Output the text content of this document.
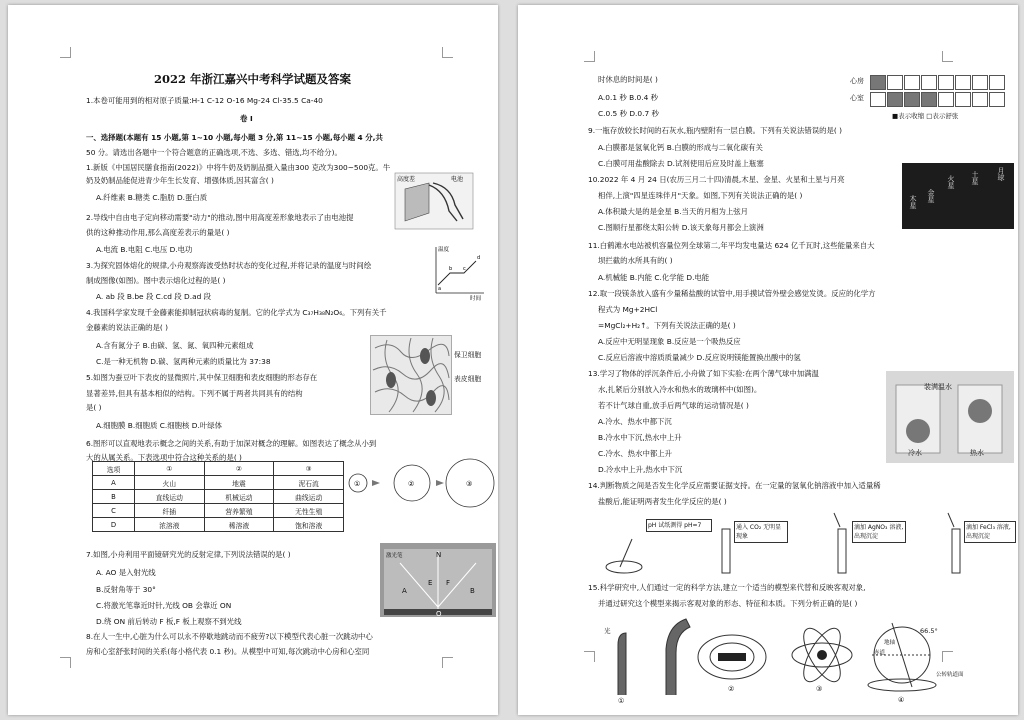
2022 年浙江嘉兴中考科学试题及答案
1.本卷可能用到的相对原子质量:H-1 C-12 O-16 Mg-24 Cl-35.5 Ca-40
卷 Ⅰ
一、选择题(本题有 15 小题,第 1~10 小题,每小题 3 分,第 11~15 小题,每小题 4 分,共
50 分。请选出各题中一个符合题意的正确选项,不选、多选、错选,均不给分)。
1.新版《中国居民膳食指南(2022)》中将牛奶及奶制品摄入量由300 克改为300~500克。牛
奶及奶制品能促进青少年生长发育、增强体质,因其富含( )
A.纤维素 B.糖类 C.脂肪 D.蛋白质
2.导线中自由电子定向移动需要"动力"的推动,图中用高度差形象地表示了由电池提
供的这种推动作用,那么高度差表示的量是( )
A.电流 B.电阻 C.电压 D.电功
3.为探究固体熔化的规律,小舟观察海波受热时状态的变化过程,并将记录的温度与时间绘
制成图像(如图)。图中表示熔化过程的是( )
A. ab 段 B.be 段 C.cd 段 D.ad 段
4.我国科学家发现千金藤素能抑制冠状病毒的复制。它的化学式为 C₃₇H₃₈N₂O₆。下列有关千
金藤素的说法正确的是( )
A.含有氮分子 B.由碳、氢、氮、氧四种元素组成
C.是一种无机物 D.碳、氢两种元素的质量比为 37:38
5.如图为蚕豆叶下表皮的显微照片,其中保卫细胞和表皮细胞的形态存在
显著差异,但具有基本相似的结构。下列不属于两者共同具有的结构
是( )
A.细胞膜 B.细胞质 C.细胞核 D.叶绿体
6.图形可以直观地表示概念之间的关系,有助于加深对概念的理解。如图表达了概念从小到
大的从属关系。下表选项中符合这种关系的是( )
7.如图,小舟利用平面镜研究光的反射定律,下列说法错误的是( )
A. AO 是入射光线
B.反射角等于 30°
C.将激光笔靠近时针,光线 OB 会靠近 ON
D.绕 ON 前后转动 F 板,F 板上观察不到光线
8.在人一生中,心脏为什么可以永不停歇地跳动而不疲劳?以下模型代表心脏一次跳动中心
房和心室舒张时间的关系(每小格代表 0.1 秒)。从模型中可知,每次跳动中心房和心室同
高度差	电池
温度
时间
a
b c
d
保卫细胞
表皮细胞
选项	①	②	③
A	火山	地震	泥石流
B	直线运动	机械运动	曲线运动
C	纤插	营养繁殖	无性生殖
D	浓溶液	稀溶液	饱和溶液
①	②	③
激光笔	N
A	B
E F
O
时休息的时间是( )
A.0.1 秒 B.0.4 秒
C.0.5 秒 D.0.7 秒
9.一瓶存放较长时间的石灰水,瓶内壁附有一层白膜。下列有关说法错误的是( )
A.白膜都是氢氧化钙 B.白膜的形成与二氧化碳有关
C.白膜可用盐酸除去 D.试剂使用后应及时盖上瓶塞
10.2022 年 4 月 24 日(农历三月二十四)清晨,木星、金星、火星和土星与月亮
相伴,上演"四星连珠伴月"天象。如图,下列有关说法正确的是( )
A.体积最大是的是金星 B.当天的月相为上弦月
C.图顺行星都绕太阳公转 D.该天象每月都会上演洲
11.白鹤滩水电站被机容量位列全球第二,年平均发电量达 624 亿千瓦时,这些能量来自大
坝拦截的水所具有的( )
A.机械能 B.内能 C.化学能 D.电能
12.取一段镁条放入盛有少量稀盐酸的试管中,用手摸试管外壁会感觉发烫。反应的化学方
程式为 Mg+2HCl
=MgCl₂+H₂↑。下列有关说法正确的是( )
A.反应中无明显现象 B.反应是一个吸热反应
C.反应后溶液中溶质质量减少 D.反应说明镁能置换出酸中的氢
13.学习了物体的浮沉条件后,小舟做了如下实验:在两个薄气球中加满温
水,扎紧后分别放入冷水和热水的玻璃杯中(如图)。
若不计气球自重,放手后两气球的运动情况是( )
A.冷水、热水中都下沉
B.冷水中下沉,热水中上升
C.冷水、热水中都上升
D.冷水中上升,热水中下沉
14.判断物质之间是否发生化学反应需要证据支持。在一定量的氢氧化钠溶液中加入适量稀
盐酸后,能证明两者发生化学反应的是( )
15.科学研究中,人们通过一定的科学方法,建立一个适当的模型来代替和反映客观对象,
并通过研究这个模型来揭示客观对象的形态、特征和本质。下列分析正确的是( )
心房
心室
■表示收缩 □表示舒张
月球
土星
火星
金星
木星
装满温水
冷水	热水
pH 试纸测得 pH=7	通入 CO₂ 无明显现象
滴加 AgNO₃ 溶液,出现沉淀
滴加 FeCl₃ 溶液,出现沉淀
光
①
②	③
④
66.5°
地轴
公转轨道面
赤道
